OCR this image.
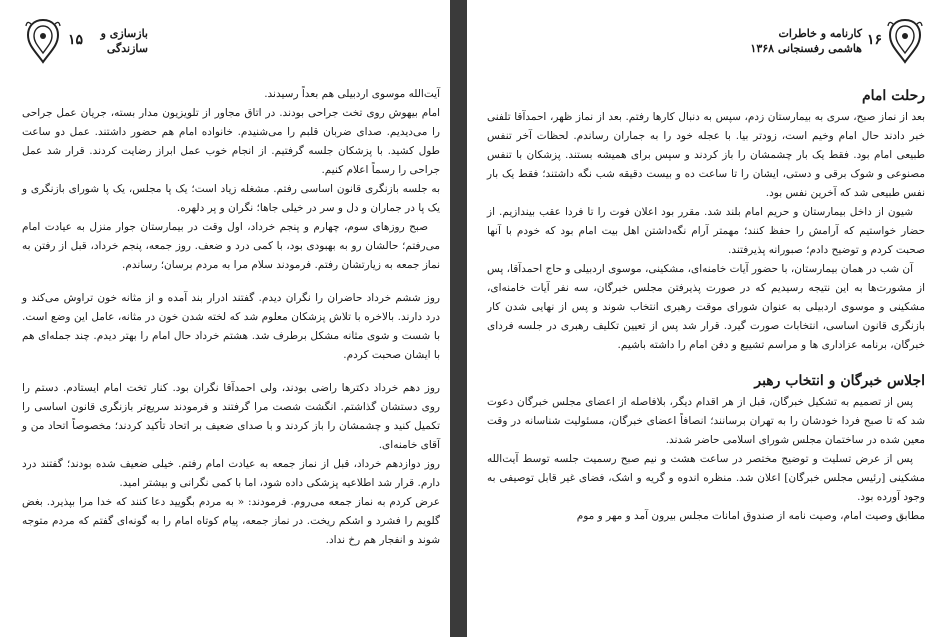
۱۵	بازسازی و
سازندگی

آیت‌الله موسوی اردبیلی هم بعداً رسیدند.

امام بیهوش روی تخت جراحی بودند. در اتاق مجاور از تلویزیون مدار بسته، جریان عمل جراحی را می‌دیدیم. صدای ضربان قلبم را می‌شنیدم. خانواده امام هم حضور داشتند. عمل دو ساعت طول کشید. با پزشکان جلسه گرفتیم. از انجام خوب عمل ابراز رضایت کردند. قرار شد عمل جراحی را رسماً اعلام کنیم.

به جلسه بازنگری قانون اساسی رفتم. مشغله زیاد است؛ یک پا مجلس، یک پا شورای بازنگری و یک پا در جماران و دل و سر در خیلی جاها؛ نگران و پر دلهره.

صبح روزهای سوم، چهارم و پنجم خرداد، اول وقت در بیمارستان جوار منزل به عیادت امام می‌رفتم؛ حالشان رو به بهبودی بود، با کمی درد و ضعف. روز جمعه، پنجم خرداد، قبل از رفتن به نماز جمعه به زیارتشان رفتم. فرمودند سلام مرا به مردم برسان؛ رساندم.

روز ششم خرداد حاضران را نگران دیدم. گفتند ادرار بند آمده و از مثانه خون تراوش می‌کند و درد دارند. بالاخره با تلاش پزشکان معلوم شد که لخته شدن خون در مثانه، عامل این وضع است. با شست و شوی مثانه مشکل برطرف شد. هشتم خرداد حال امام را بهتر دیدم. چند جمله‌ای هم با ایشان صحبت کردم.

روز دهم خرداد دکترها راضی بودند، ولی احمدآقا نگران بود. کنار تخت امام ایستادم. دستم را روی دستشان گذاشتم. انگشت شصت مرا گرفتند و فرمودند سریع‌تر بازنگری قانون اساسی را تکمیل کنید و چشمشان را باز کردند و با صدای ضعیف بر اتحاد تأکید کردند؛ مخصوصاً اتحاد من و آقای خامنه‌ای.

روز دوازدهم خرداد، قبل از نماز جمعه به عیادت امام رفتم. خیلی ضعیف شده بودند؛ گفتند درد دارم. قرار شد اطلاعیه پزشکی داده شود، اما با کمی نگرانی و بیشتر امید.

عرض کردم به نماز جمعه می‌روم. فرمودند: « به مردم بگویید دعا کنند که خدا مرا بپذیرد. بغض گلویم را فشرد و اشکم ریخت. در نماز جمعه، پیام کوتاه امام را به گونه‌ای گفتم که مردم متوجه شوند و انفجار هم رخ نداد.

کارنامه و خاطرات
هاشمی رفسنجانی ۱۳۶۸
۱۶
رحلت امام

بعد از نماز صبح، سری به بیمارستان زدم، سپس به دنبال کارها رفتم. بعد از نماز ظهر، احمدآقا تلفنی خبر دادند حال امام وخیم است، زودتر بیا. با عجله خود را به جماران رساندم. لحظات آخر تنفس طبیعی امام بود. فقط یک بار چشمشان را باز کردند و سپس برای همیشه بستند. پزشکان با تنفس مصنوعی و شوک برقی و دستی، ایشان را تا ساعت ده و بیست دقیقه شب نگه داشتند؛ فقط یک بار نفس طبیعی شد که آخرین نفس بود.

شیون از داخل بیمارستان و حریم امام بلند شد. مقرر بود اعلان فوت را تا فردا عقب بیندازیم. از حضار خواستیم که آرامش را حفظ کنند؛ مهمتر آرام نگه‌داشتن اهل بیت امام بود که خودم با آنها صحبت کردم و توضیح دادم؛ صبورانه پذیرفتند.

آن شب در همان بیمارستان، با حضور آیات خامنه‌ای، مشکینی، موسوی اردبیلی و حاج احمدآقا، پس از مشورت‌ها به این نتیجه رسیدیم که در صورت پذیرفتن مجلس خبرگان، سه نفر آیات خامنه‌ای، مشکینی و موسوی اردبیلی به عنوان شورای موقت رهبری انتخاب شوند و پس از نهایی شدن کار بازنگری قانون اساسی، انتخابات صورت گیرد. قرار شد پس از تعیین تکلیف رهبری در جلسه فردای خبرگان، برنامه عزاداری ها و مراسم تشییع و دفن امام را داشته باشیم.

اجلاس خبرگان و انتخاب رهبر

پس از تصمیم به تشکیل خبرگان، قبل از هر اقدام دیگر، بلافاصله از اعضای مجلس خبرگان دعوت شد که تا صبح فردا خودشان را به تهران برسانند؛ انصافاً اعضای خبرگان، مسئولیت شناسانه در وقت معین شده در ساختمان مجلس شورای اسلامی حاضر شدند.

پس از عرض تسلیت و توضیح مختصر در ساعت هشت و نیم صبح رسمیت جلسه توسط آیت‌الله مشکینی [رئیس مجلس خبرگان] اعلان شد. منظره اندوه و گریه و اشک، فضای غیر قابل توصیفی به وجود آورده بود.

مطابق وصیت امام، وصیت نامه از صندوق امانات مجلس بیرون آمد و مهر و موم
